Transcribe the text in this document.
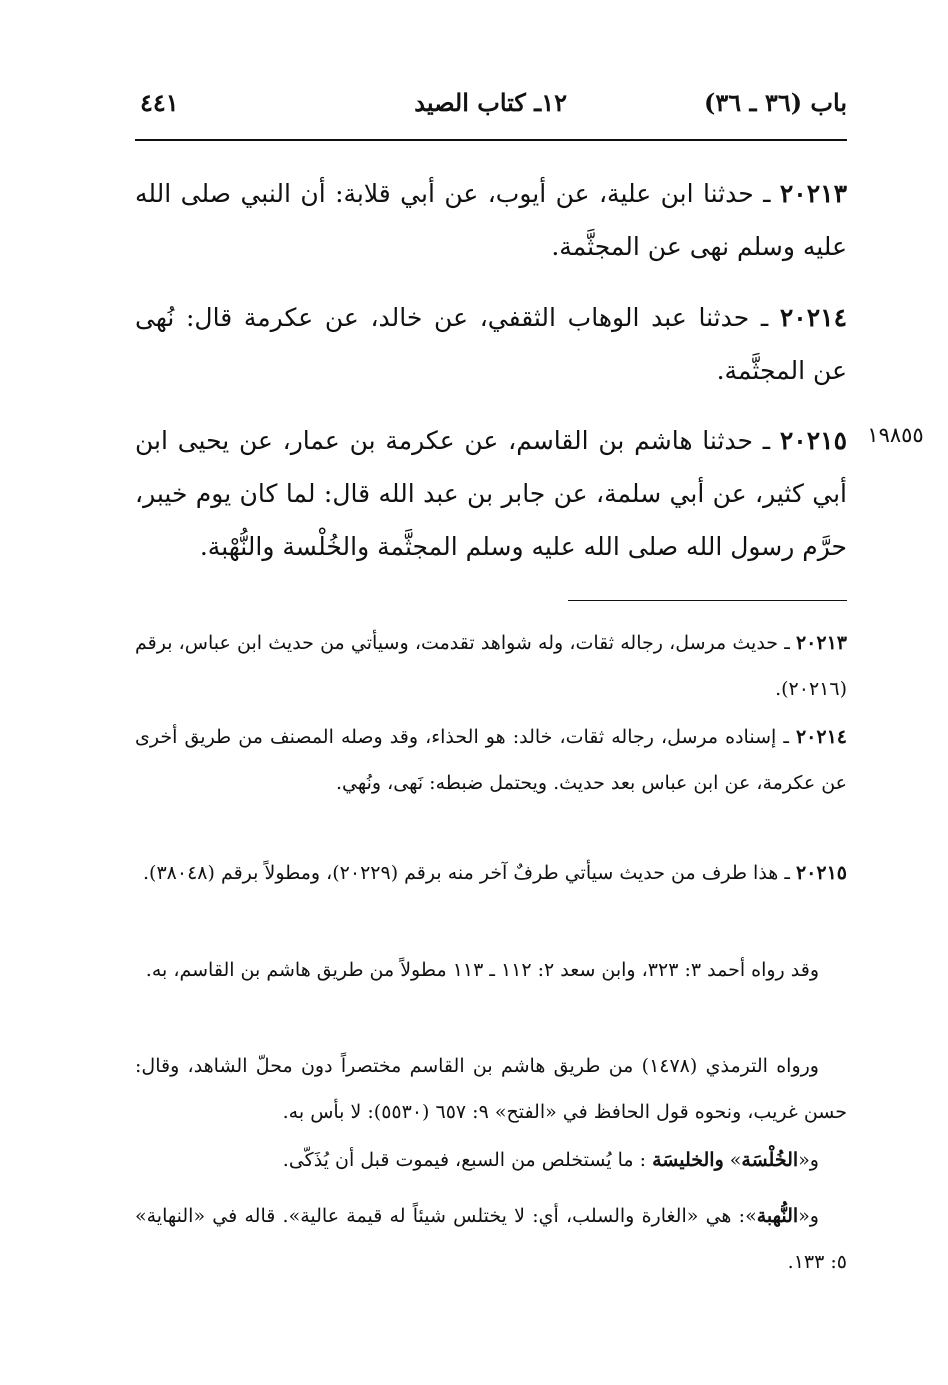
باب (٣٦ ـ ٣٦)
١٢ـ كتاب الصيد
٤٤١
٢٠٢١٣ ـ حدثنا ابن علية، عن أيوب، عن أبي قلابة: أن النبي صلى الله عليه وسلم نهى عن المجثَّمة.
٢٠٢١٤ ـ حدثنا عبد الوهاب الثقفي، عن خالد، عن عكرمة قال: نُهى عن المجثَّمة.
١٩٨٥٥
٢٠٢١٥ ـ حدثنا هاشم بن القاسم، عن عكرمة بن عمار، عن يحيى ابن أبي كثير، عن أبي سلمة، عن جابر بن عبد الله قال: لما كان يوم خيبر، حرَّم رسول الله صلى الله عليه وسلم المجثَّمة والخُلْسة والنُّهْبة.
٢٠٢١٣ ـ حديث مرسل، رجاله ثقات، وله شواهد تقدمت، وسيأتي من حديث ابن عباس، برقم (٢٠٢١٦).
٢٠٢١٤ ـ إسناده مرسل، رجاله ثقات، خالد: هو الحذاء، وقد وصله المصنف من طريق أخرى عن عكرمة، عن ابن عباس بعد حديث. ويحتمل ضبطه: نَهى، ونُهي.
٢٠٢١٥ ـ هذا طرف من حديث سيأتي طرفٌ آخر منه برقم (٢٠٢٢٩)، ومطولاً برقم (٣٨٠٤٨).
وقد رواه أحمد ٣: ٣٢٣، وابن سعد ٢: ١١٢ ـ ١١٣ مطولاً من طريق هاشم بن القاسم، به.
ورواه الترمذي (١٤٧٨) من طريق هاشم بن القاسم مختصراً دون محلّ الشاهد، وقال: حسن غريب، ونحوه قول الحافظ في «الفتح» ٩: ٦٥٧ (٥٥٣٠): لا بأس به.
و«الخُلْسَة» والخليسَة : ما يُستخلص من السبع، فيموت قبل أن يُذَكّى.
و«النُّهبة»: هي «الغارة والسلب، أي: لا يختلس شيئاً له قيمة عالية». قاله في «النهاية» ٥: ١٣٣.
